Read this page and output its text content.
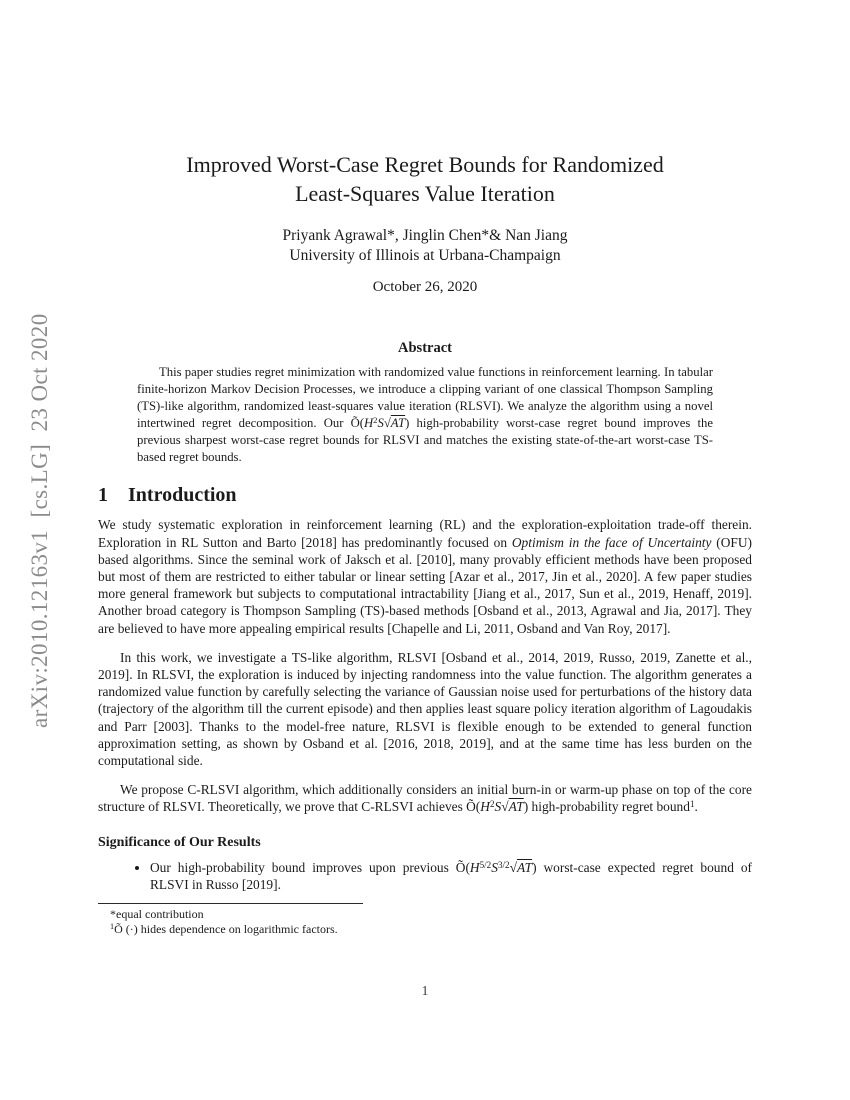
arXiv:2010.12163v1  [cs.LG]  23 Oct 2020
Improved Worst-Case Regret Bounds for Randomized
Least-Squares Value Iteration
Priyank Agrawal*, Jinglin Chen*& Nan Jiang
University of Illinois at Urbana-Champaign
October 26, 2020
Abstract

This paper studies regret minimization with randomized value functions in reinforcement learning. In tabular finite-horizon Markov Decision Processes, we introduce a clipping variant of one classical Thompson Sampling (TS)-like algorithm, randomized least-squares value iteration (RLSVI). We analyze the algorithm using a novel intertwined regret decomposition. Our $Õ(H^2S√AT)$ high-probability worst-case regret bound improves the previous sharpest worst-case regret bounds for RLSVI and matches the existing state-of-the-art worst-case TS-based regret bounds.

1 Introduction

We study systematic exploration in reinforcement learning (RL) and the exploration-exploitation trade-off therein. Exploration in RL Sutton and Barto [2018] has predominantly focused on Optimism in the face of Uncertainty (OFU) based algorithms. Since the seminal work of Jaksch et al. [2010], many provably efficient methods have been proposed but most of them are restricted to either tabular or linear setting [Azar et al., 2017, Jin et al., 2020]. A few paper studies more general framework but subjects to computational intractability [Jiang et al., 2017, Sun et al., 2019, Henaff, 2019]. Another broad category is Thompson Sampling (TS)-based methods [Osband et al., 2013, Agrawal and Jia, 2017]. They are believed to have more appealing empirical results [Chapelle and Li, 2011, Osband and Van Roy, 2017].

In this work, we investigate a TS-like algorithm, RLSVI [Osband et al., 2014, 2019, Russo, 2019, Zanette et al., 2019]. In RLSVI, the exploration is induced by injecting randomness into the value function. The algorithm generates a randomized value function by carefully selecting the variance of Gaussian noise used for perturbations of the history data (trajectory of the algorithm till the current episode) and then applies least square policy iteration algorithm of Lagoudakis and Parr [2003]. Thanks to the model-free nature, RLSVI is flexible enough to be extended to general function approximation setting, as shown by Osband et al. [2016, 2018, 2019], and at the same time has less burden on the computational side.

We propose C-RLSVI algorithm, which additionally considers an initial burn-in or warm-up phase on top of the core structure of RLSVI. Theoretically, we prove that C-RLSVI achieves $Õ(H^2S√AT)$ high-probability regret bound$^1$.

Significance of Our Results
• Our high-probability bound improves upon previous $Õ(H^{5/2}S^{3/2}√AT)$ worst-case expected regret bound of RLSVI in Russo [2019].
*equal contribution
$^1$Õ (·) hides dependence on logarithmic factors.
1
